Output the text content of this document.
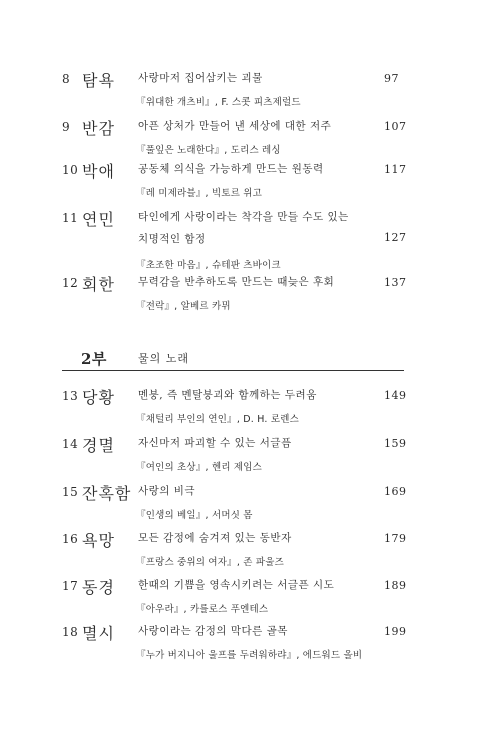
8 탐욕 사랑마저 집어삼키는 괴물
『위대한 개츠비』, F. 스콧 피츠제럴드
97
9 반감 아픈 상처가 만들어 낸 세상에 대한 저주
『풀잎은 노래한다』, 도리스 레싱
107
10 박애 공동체 의식을 가능하게 만드는 원동력
『레 미제라블』, 빅토르 위고
117
11 연민 타인에게 사랑이라는 착각을 만들 수도 있는
치명적인 함정
『초조한 마음』, 슈테판 츠바이크
127
12 회한 무력감을 반추하도록 만드는 때늦은 후회
『전락』, 알베르 카뮈
137
2부	물의 노래
13 당황 멘붕, 즉 멘탈붕괴와 함께하는 두려움
『채털리 부인의 연인』, D. H. 로렌스
149
14 경멸 자신마저 파괴할 수 있는 서글픔
『여인의 초상』, 헨리 제임스
159
15 잔혹함 사랑의 비극
『인생의 베일』, 서머싯 몸
169
16 욕망 모든 감정에 숨겨져 있는 동반자
『프랑스 중위의 여자』, 존 파울즈
179
17 동경 한때의 기쁨을 영속시키려는 서글픈 시도
『아우라』, 카를로스 푸엔테스
189
18 멸시 사랑이라는 감정의 막다른 골목
『누가 버지니아 울프를 두려워하랴』, 에드워드 올비
199
